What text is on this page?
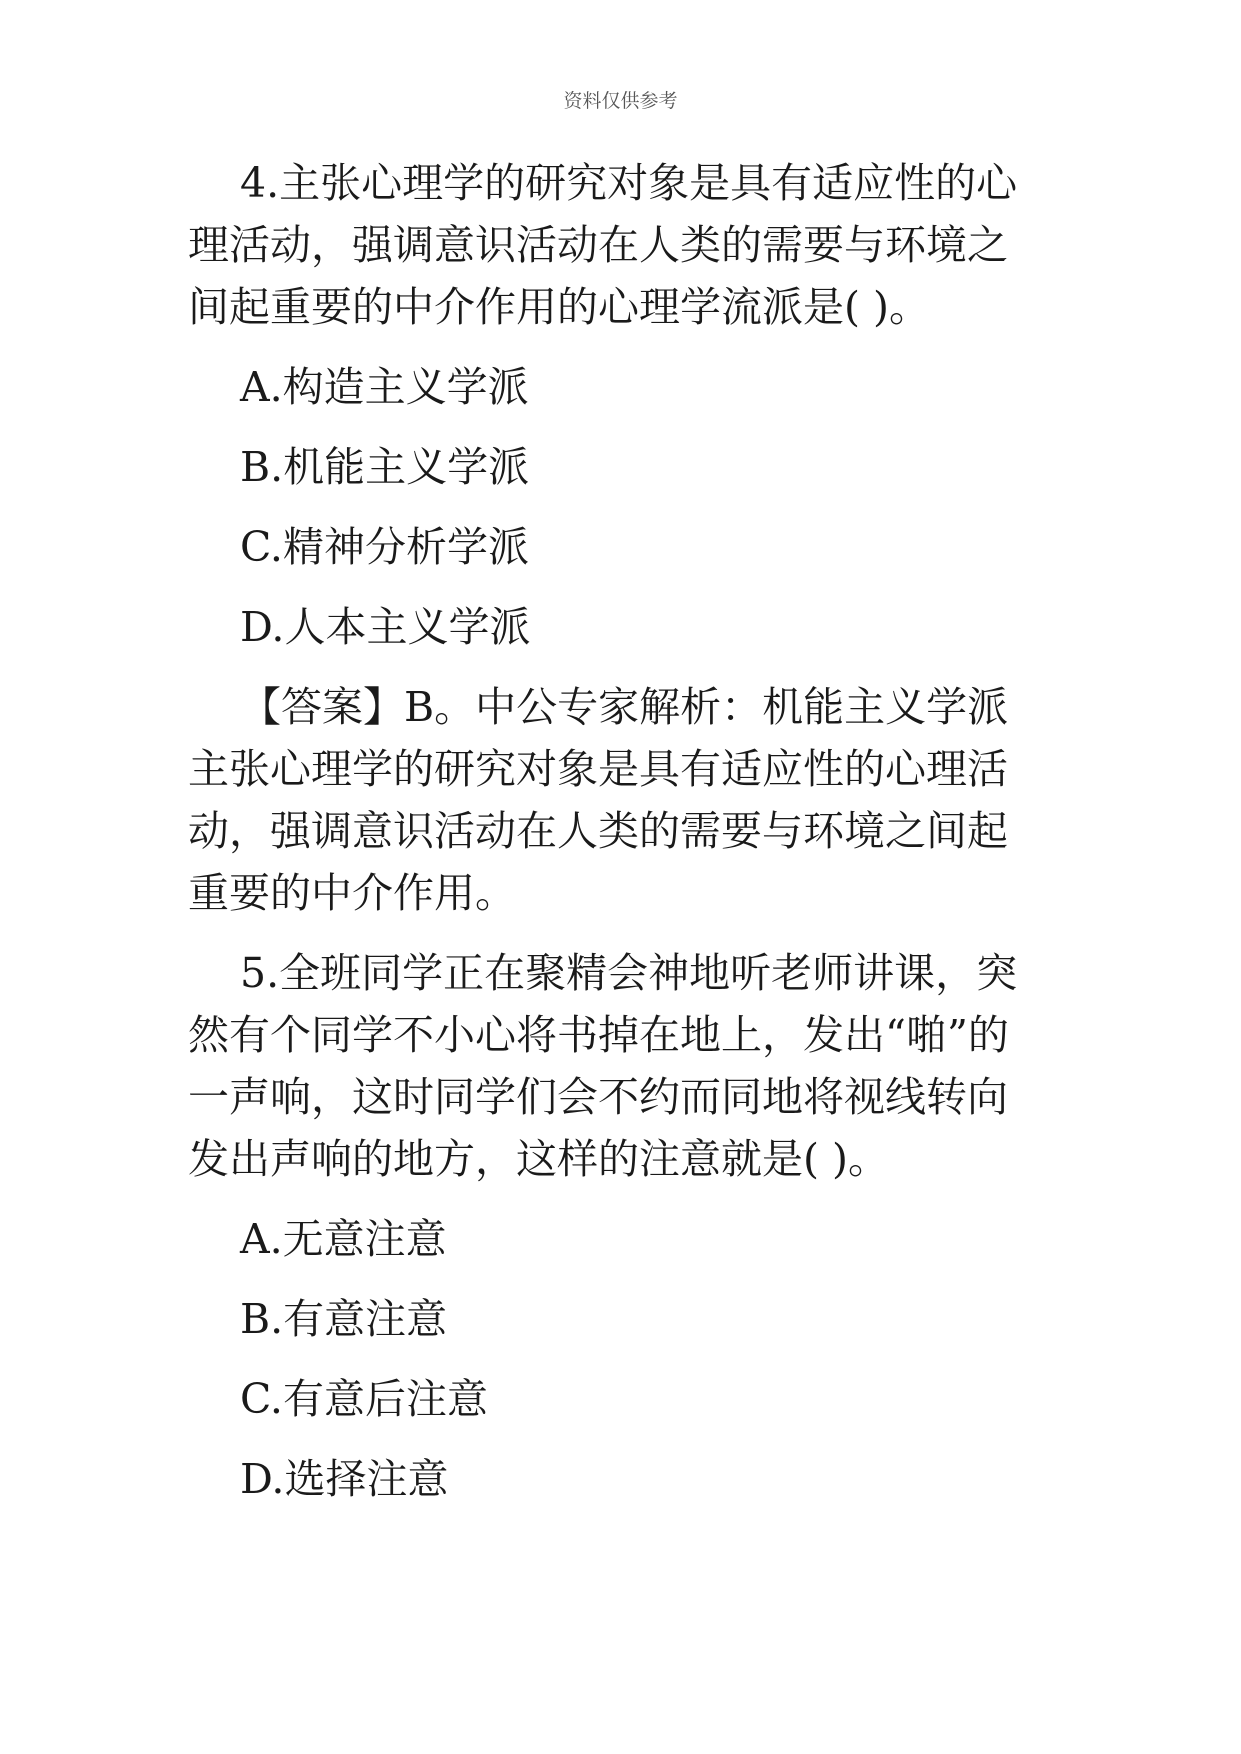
资料仅供参考

4.主张心理学的研究对象是具有适应性的心理活动，强调意识活动在人类的需要与环境之间起重要的中介作用的心理学流派是( )。

A.构造主义学派

B.机能主义学派

C.精神分析学派

D.人本主义学派

【答案】B。中公专家解析：机能主义学派主张心理学的研究对象是具有适应性的心理活动，强调意识活动在人类的需要与环境之间起重要的中介作用。

5.全班同学正在聚精会神地听老师讲课，突然有个同学不小心将书掉在地上，发出“啪”的一声响，这时同学们会不约而同地将视线转向发出声响的地方，这样的注意就是( )。

A.无意注意

B.有意注意

C.有意后注意

D.选择注意
